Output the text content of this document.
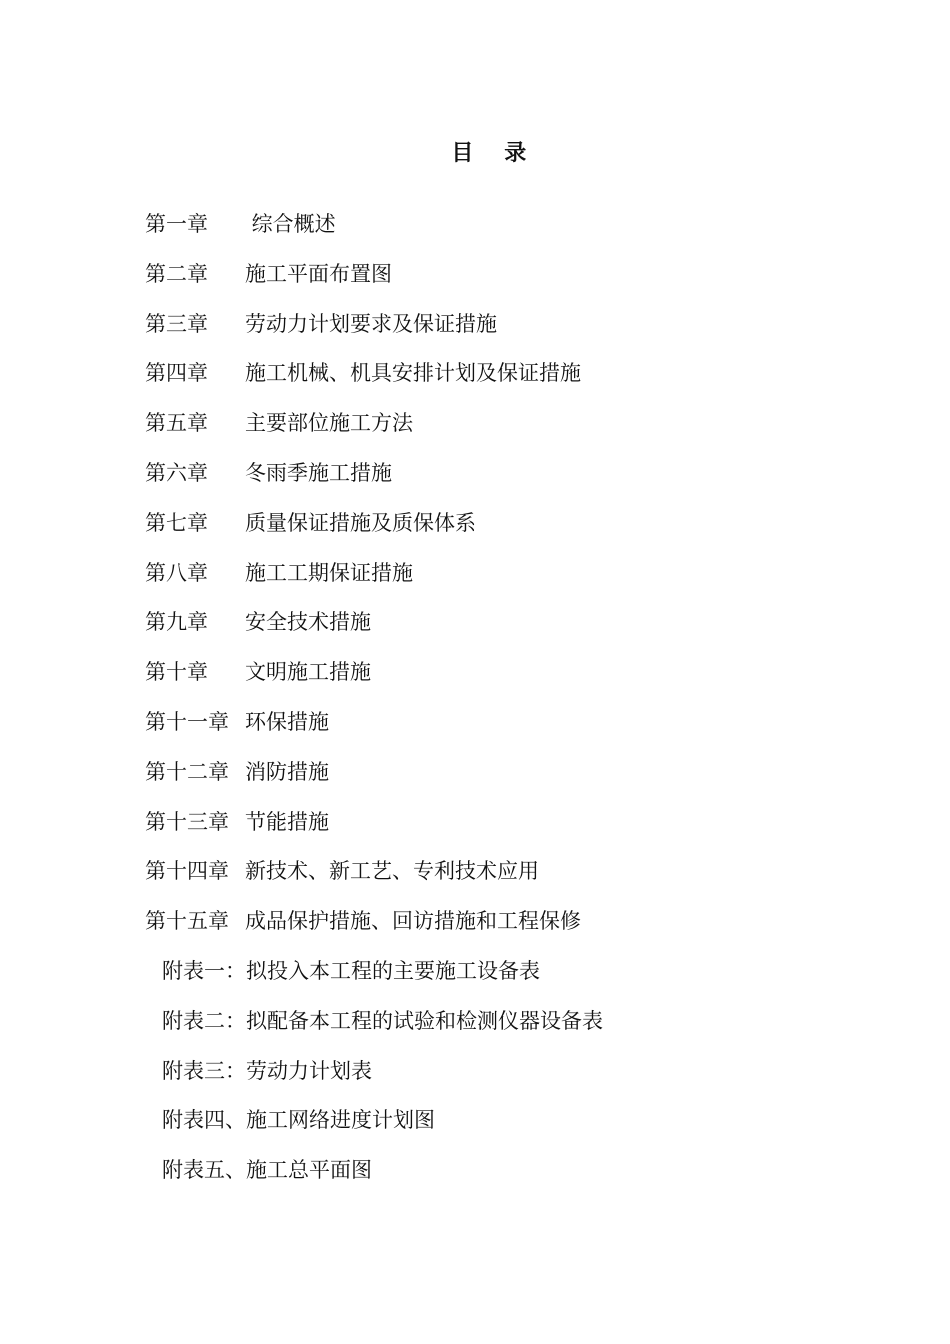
目　录
第一章 综合概述
第二章 施工平面布置图
第三章 劳动力计划要求及保证措施
第四章 施工机械、机具安排计划及保证措施
第五章 主要部位施工方法
第六章 冬雨季施工措施
第七章 质量保证措施及质保体系
第八章 施工工期保证措施
第九章 安全技术措施
第十章 文明施工措施
第十一章 环保措施
第十二章 消防措施
第十三章 节能措施
第十四章 新技术、新工艺、专利技术应用
第十五章 成品保护措施、回访措施和工程保修
附表一：拟投入本工程的主要施工设备表
附表二：拟配备本工程的试验和检测仪器设备表
附表三：劳动力计划表
附表四、施工网络进度计划图
附表五、施工总平面图
